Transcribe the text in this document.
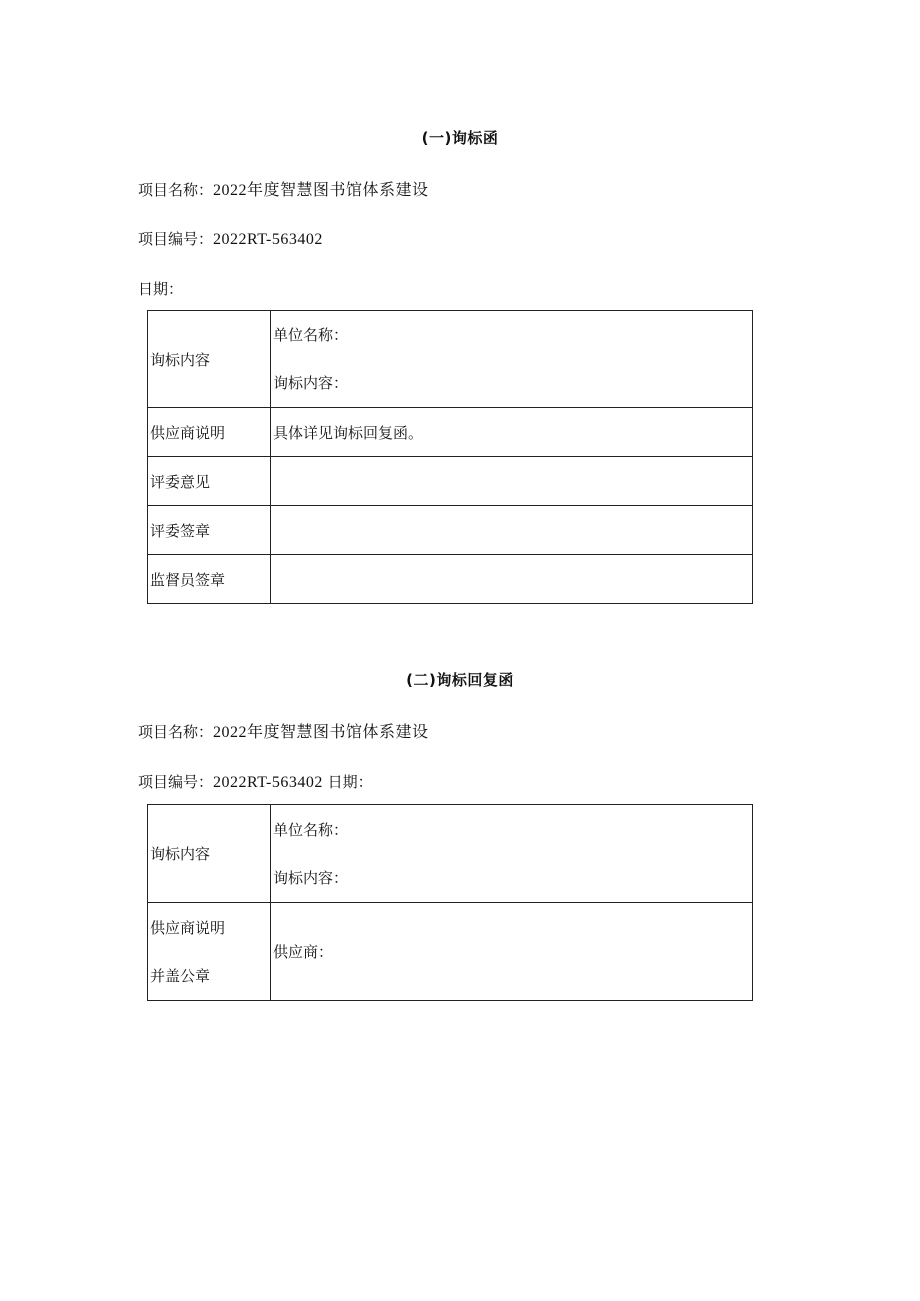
(一)询标函
项目名称：2022年度智慧图书馆体系建设
项目编号：2022RT-563402
日期：
询标内容	单位名称：
询标内容：

供应商说明	具体详见询标回复函。
评委意见	
评委签章	
监督员签章	
(二)询标回复函
项目名称：2022年度智慧图书馆体系建设
项目编号：2022RT-563402 日期：
询标内容	单位名称：
询标内容：

供应商说明
并盖公章	供应商：
